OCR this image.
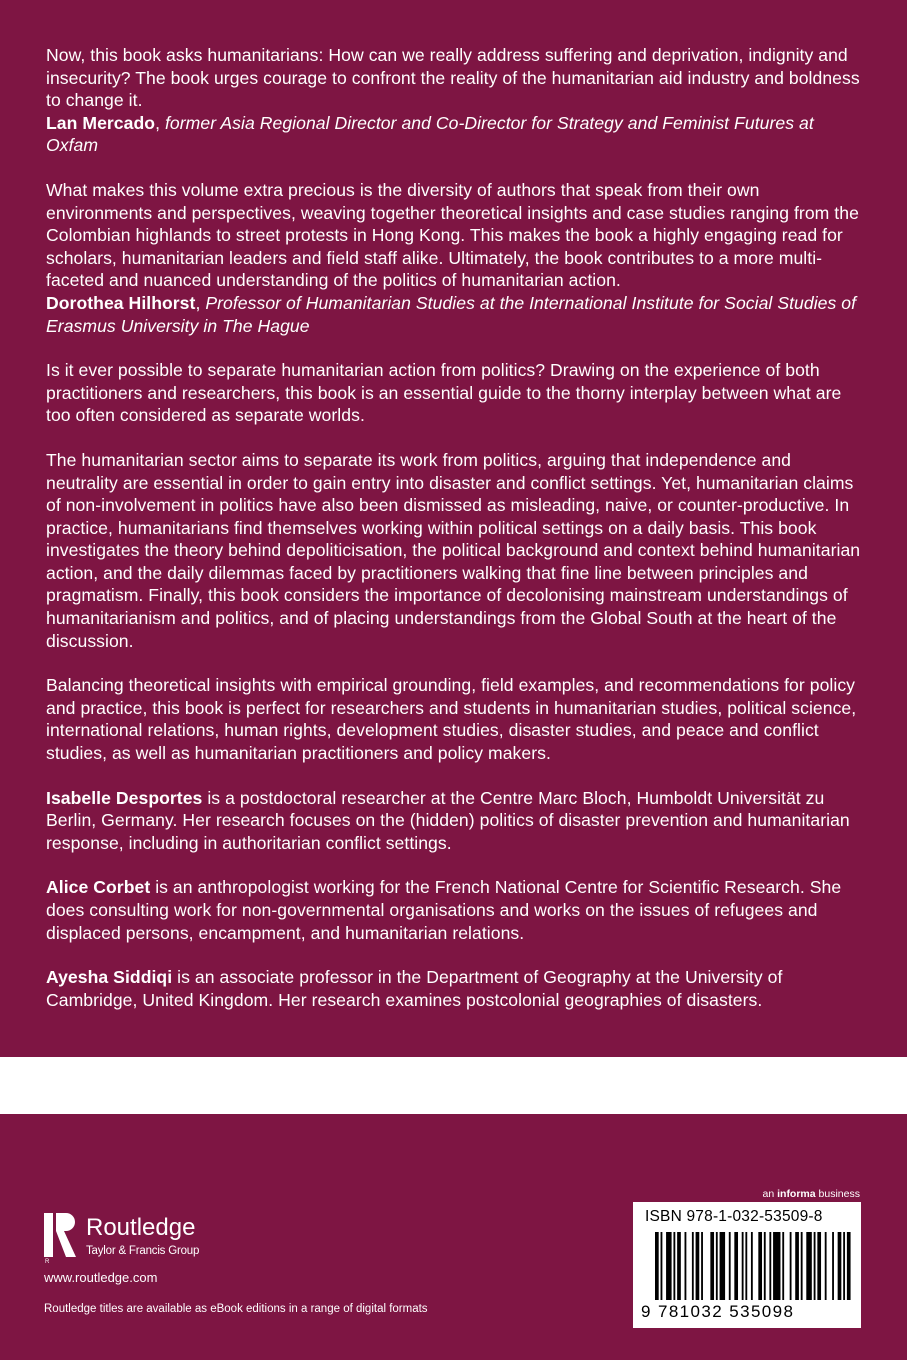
Now, this book asks humanitarians: How can we really address suffering and deprivation, indignity and insecurity? The book urges courage to confront the reality of the humanitarian aid industry and boldness to change it.
Lan Mercado, former Asia Regional Director and Co-Director for Strategy and Feminist Futures at Oxfam

What makes this volume extra precious is the diversity of authors that speak from their own environments and perspectives, weaving together theoretical insights and case studies ranging from the Colombian highlands to street protests in Hong Kong. This makes the book a highly engaging read for scholars, humanitarian leaders and field staff alike. Ultimately, the book contributes to a more multi-faceted and nuanced understanding of the politics of humanitarian action.
Dorothea Hilhorst, Professor of Humanitarian Studies at the International Institute for Social Studies of Erasmus University in The Hague

Is it ever possible to separate humanitarian action from politics? Drawing on the experience of both practitioners and researchers, this book is an essential guide to the thorny interplay between what are too often considered as separate worlds.

The humanitarian sector aims to separate its work from politics, arguing that independence and neutrality are essential in order to gain entry into disaster and conflict settings. Yet, humanitarian claims of non-involvement in politics have also been dismissed as misleading, naive, or counter-productive. In practice, humanitarians find themselves working within political settings on a daily basis. This book investigates the theory behind depoliticisation, the political background and context behind humanitarian action, and the daily dilemmas faced by practitioners walking that fine line between principles and pragmatism. Finally, this book considers the importance of decolonising mainstream understandings of humanitarianism and politics, and of placing understandings from the Global South at the heart of the discussion.

Balancing theoretical insights with empirical grounding, field examples, and recommendations for policy and practice, this book is perfect for researchers and students in humanitarian studies, political science, international relations, human rights, development studies, disaster studies, and peace and conflict studies, as well as humanitarian practitioners and policy makers.

Isabelle Desportes is a postdoctoral researcher at the Centre Marc Bloch, Humboldt Universität zu Berlin, Germany. Her research focuses on the (hidden) politics of disaster prevention and humanitarian response, including in authoritarian conflict settings.

Alice Corbet is an anthropologist working for the French National Centre for Scientific Research. She does consulting work for non-governmental organisations and works on the issues of refugees and displaced persons, encampment, and humanitarian relations.

Ayesha Siddiqi is an associate professor in the Department of Geography at the University of Cambridge, United Kingdom. Her research examines postcolonial geographies of disasters.

R
Routledge
Taylor & Francis Group
www.routledge.com
Routledge titles are available as eBook editions in a range of digital formats
an informa business
ISBN 978-1-032-53509-8
9 781032 535098
